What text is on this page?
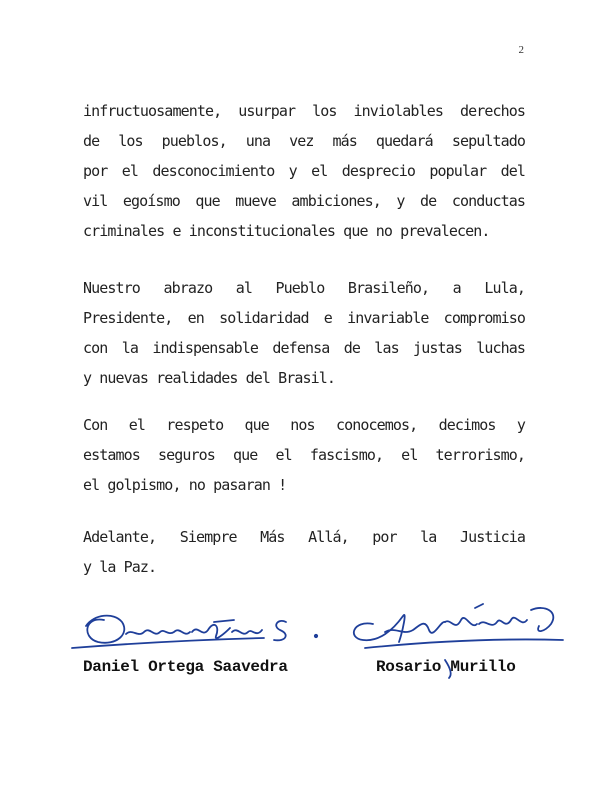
2
infructuosamente, usurpar los inviolables derechos
de los pueblos, una vez más quedará sepultado
por el desconocimiento y el desprecio popular del
vil egoísmo que mueve ambiciones, y de conductas
criminales e inconstitucionales que no prevalecen.
Nuestro abrazo al Pueblo Brasileño, a Lula,
Presidente, en solidaridad e invariable compromiso
con la indispensable defensa de las justas luchas
y nuevas realidades del Brasil.
Con el respeto que nos conocemos, decimos y
estamos seguros que el fascismo, el terrorismo,
el golpismo, no pasaran !
Adelante, Siempre Más Allá, por la Justicia
y la Paz.
Daniel Ortega Saavedra	Rosario Murillo
